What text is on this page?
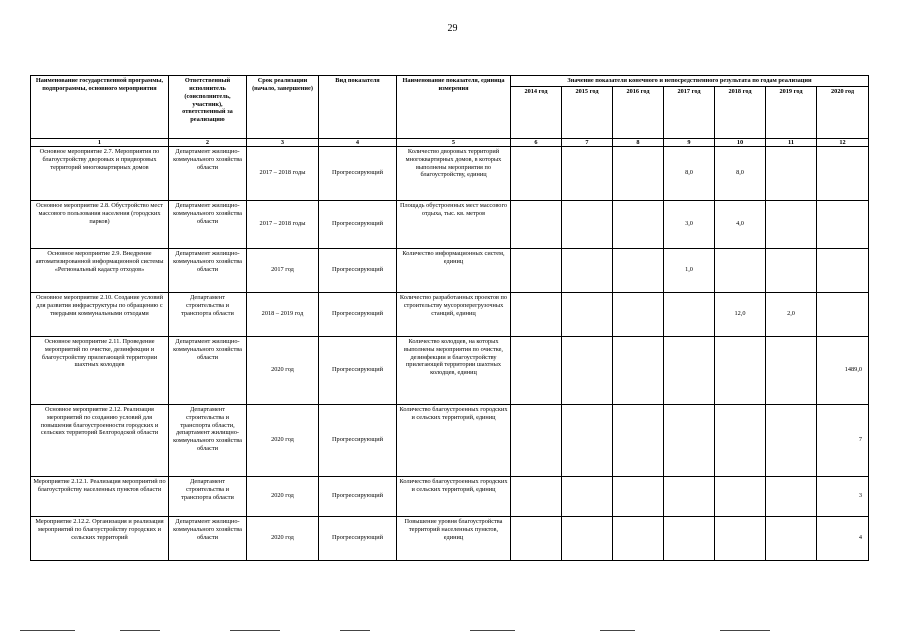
29
Наименование государственной программы, подпрограммы, основного мероприятия	Ответственный исполнитель (соисполнитель, участник), ответственный за реализацию	Срок реализации (начало, завершение)	Вид показателя	Наименование показателя, единица измерения	Значение показателя конечного и непосредственного результата по годам реализации						
					2014 год	2015 год	2016 год	2017 год	2018 год	2019 год	2020 год
1	2	3	4	5	6	7	8	9	10	11	12
Основное мероприятие 2.7. Мероприятия по благоустройству дворовых и придворовых территорий многоквартирных домов	Департамент жилищно-коммунального хозяйства области	2017 – 2018 годы	Прогрессирующий	Количество дворовых территорий многоквартирных домов, в которых выполнены мероприятия по благоустройству, единиц				8,0	8,0		
Основное мероприятие 2.8. Обустройство мест массового пользования населения (городских парков)	Департамент жилищно-коммунального хозяйства области	2017 – 2018 годы	Прогрессирующий	Площадь обустроенных мест массового отдыха, тыс. кв. метров				3,0	4,0		
Основное мероприятие 2.9. Внедрение автоматизированной информационной системы «Региональный кадастр отходов»	Департамент жилищно-коммунального хозяйства области	2017 год	Прогрессирующий	Количество информационных систем, единиц				1,0			
Основное мероприятие 2.10. Создание условий для развития инфраструктуры по обращению с твердыми коммунальными отходами	Департамент строительства и транспорта области	2018 – 2019 год	Прогрессирующий	Количество разработанных проектов по строительству мусороперегрузочных станций, единиц					12,0	2,0	
Основное мероприятие 2.11. Проведение мероприятий по очистке, дезинфекции и благоустройству прилегающей территории шахтных колодцев	Департамент жилищно-коммунального хозяйства области	2020 год	Прогрессирующий	Количество колодцев, на которых выполнены мероприятия по очистке, дезинфекции и благоустройству прилегающей территории шахтных колодцев, единиц							1489,0
Основное мероприятие 2.12. Реализация мероприятий по созданию условий для повышения благоустроенности городских и сельских территорий Белгородской области	Департамент строительства и транспорта области, департамент жилищно-коммунального хозяйства области	2020 год	Прогрессирующий	Количество благоустроенных городских и сельских территорий, единиц							7
Мероприятие 2.12.1. Реализация мероприятий по благоустройству населенных пунктов области	Департамент строительства и транспорта области	2020 год	Прогрессирующий	Количество благоустроенных городских и сельских территорий, единиц							3
Мероприятие 2.12.2. Организация и реализация мероприятий по благоустройству городских и сельских территорий	Департамент жилищно-коммунального хозяйства области	2020 год	Прогрессирующий	Повышение уровня благоустройства территорий населенных пунктов, единиц							4
